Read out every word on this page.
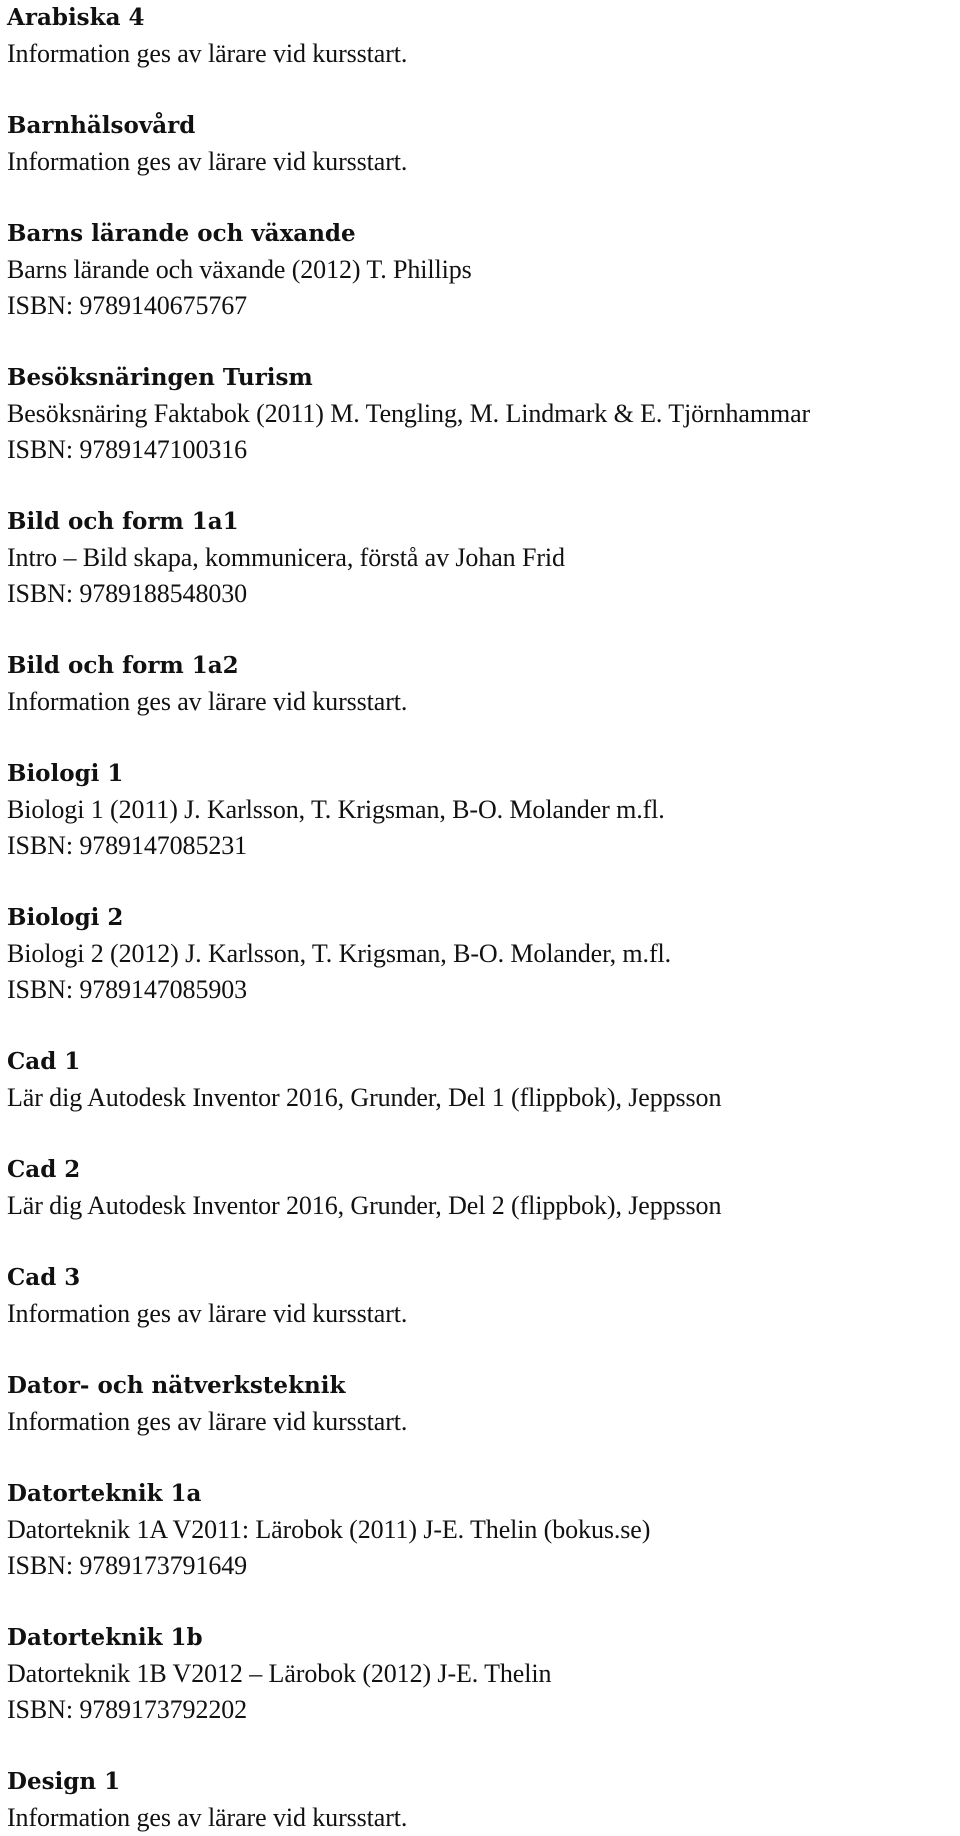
Arabiska 4
Information ges av lärare vid kursstart.
Barnhälsovård
Information ges av lärare vid kursstart.
Barns lärande och växande
Barns lärande och växande (2012) T. Phillips
ISBN: 9789140675767
Besöksnäringen Turism
Besöksnäring Faktabok (2011) M. Tengling, M. Lindmark & E. Tjörnhammar
ISBN: 9789147100316
Bild och form 1a1
Intro – Bild skapa, kommunicera, förstå av Johan Frid
ISBN: 9789188548030
Bild och form 1a2
Information ges av lärare vid kursstart.
Biologi 1
Biologi 1 (2011) J. Karlsson, T. Krigsman, B-O. Molander m.fl.
ISBN: 9789147085231
Biologi 2
Biologi 2 (2012) J. Karlsson, T. Krigsman, B-O. Molander, m.fl.
ISBN: 9789147085903
Cad 1
Lär dig Autodesk Inventor 2016, Grunder, Del 1 (flippbok), Jeppsson
Cad 2
Lär dig Autodesk Inventor 2016, Grunder, Del 2 (flippbok), Jeppsson
Cad 3
Information ges av lärare vid kursstart.
Dator- och nätverksteknik
Information ges av lärare vid kursstart.
Datorteknik 1a
Datorteknik 1A V2011: Lärobok (2011) J-E. Thelin (bokus.se)
ISBN: 9789173791649
Datorteknik 1b
Datorteknik 1B V2012 – Lärobok (2012) J-E. Thelin
ISBN: 9789173792202
Design 1
Information ges av lärare vid kursstart.
